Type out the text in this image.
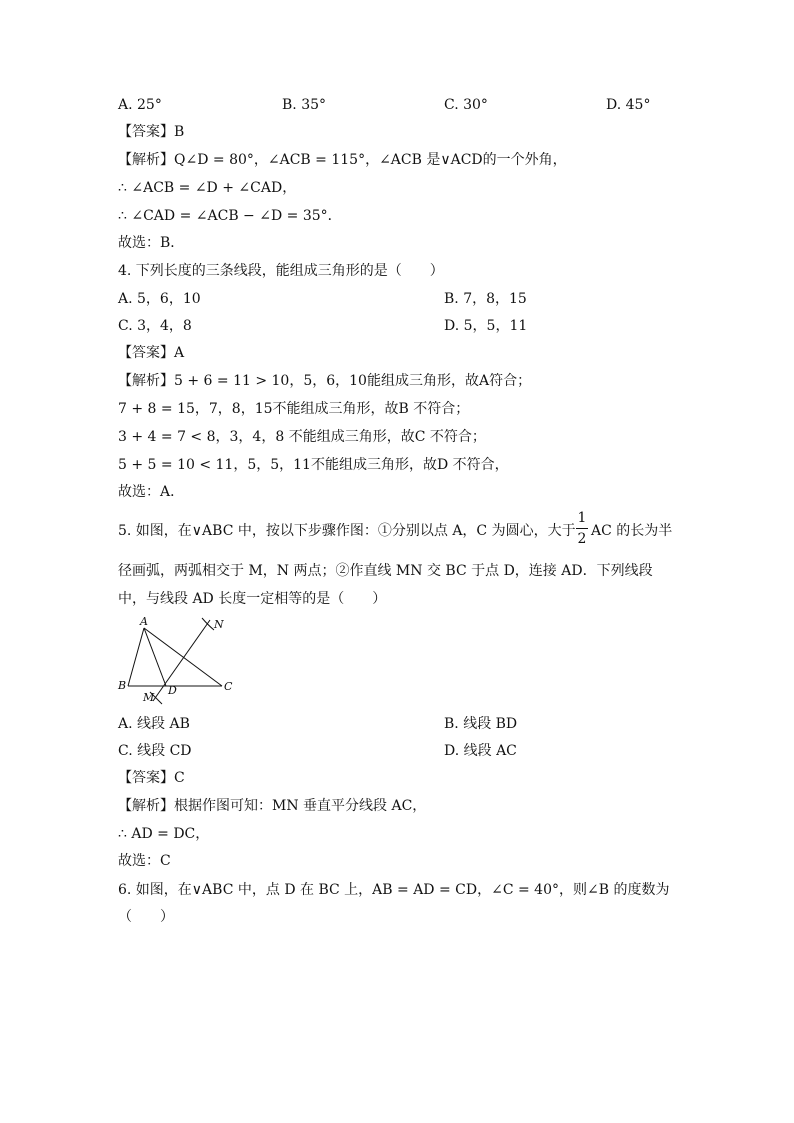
A. 25°	B. 35°	C. 30°	D. 45°
【答案】B
【解析】Q∠D = 80°，∠ACB = 115°，∠ACB 是∨ACD的一个外角，
∴ ∠ACB = ∠D + ∠CAD，
∴ ∠CAD = ∠ACB − ∠D = 35°．
故选：B．
4. 下列长度的三条线段，能组成三角形的是（　　）
A. 5，6，10	B. 7，8，15
C. 3，4，8	D. 5，5，11
【答案】A
【解析】5 + 6 = 11 > 10，5，6，10能组成三角形，故A符合；
7 + 8 = 15，7，8，15不能组成三角形，故B 不符合；
3 + 4 = 7 < 8，3，4，8 不能组成三角形，故C 不符合；
5 + 5 = 10 < 11，5，5，11不能组成三角形，故D 不符合，
故选：A．
5. 如图，在∨ABC 中，按以下步骤作图：①分别以点 A，C 为圆心，大于
1
2 AC 的长为半
径画弧，两弧相交于 M，N 两点；②作直线 MN 交 BC 于点 D，连接 AD．下列线段
中，与线段 AD 长度一定相等的是（　　）
A
B	C
D
M
N
A. 线段 AB	B. 线段 BD
C. 线段 CD	D. 线段 AC
【答案】C
【解析】根据作图可知：MN 垂直平分线段 AC，
∴ AD = DC，
故选：C
6. 如图，在∨ABC 中，点 D 在 BC 上，AB = AD = CD，∠C = 40°，则∠B 的度数为
（　　）
